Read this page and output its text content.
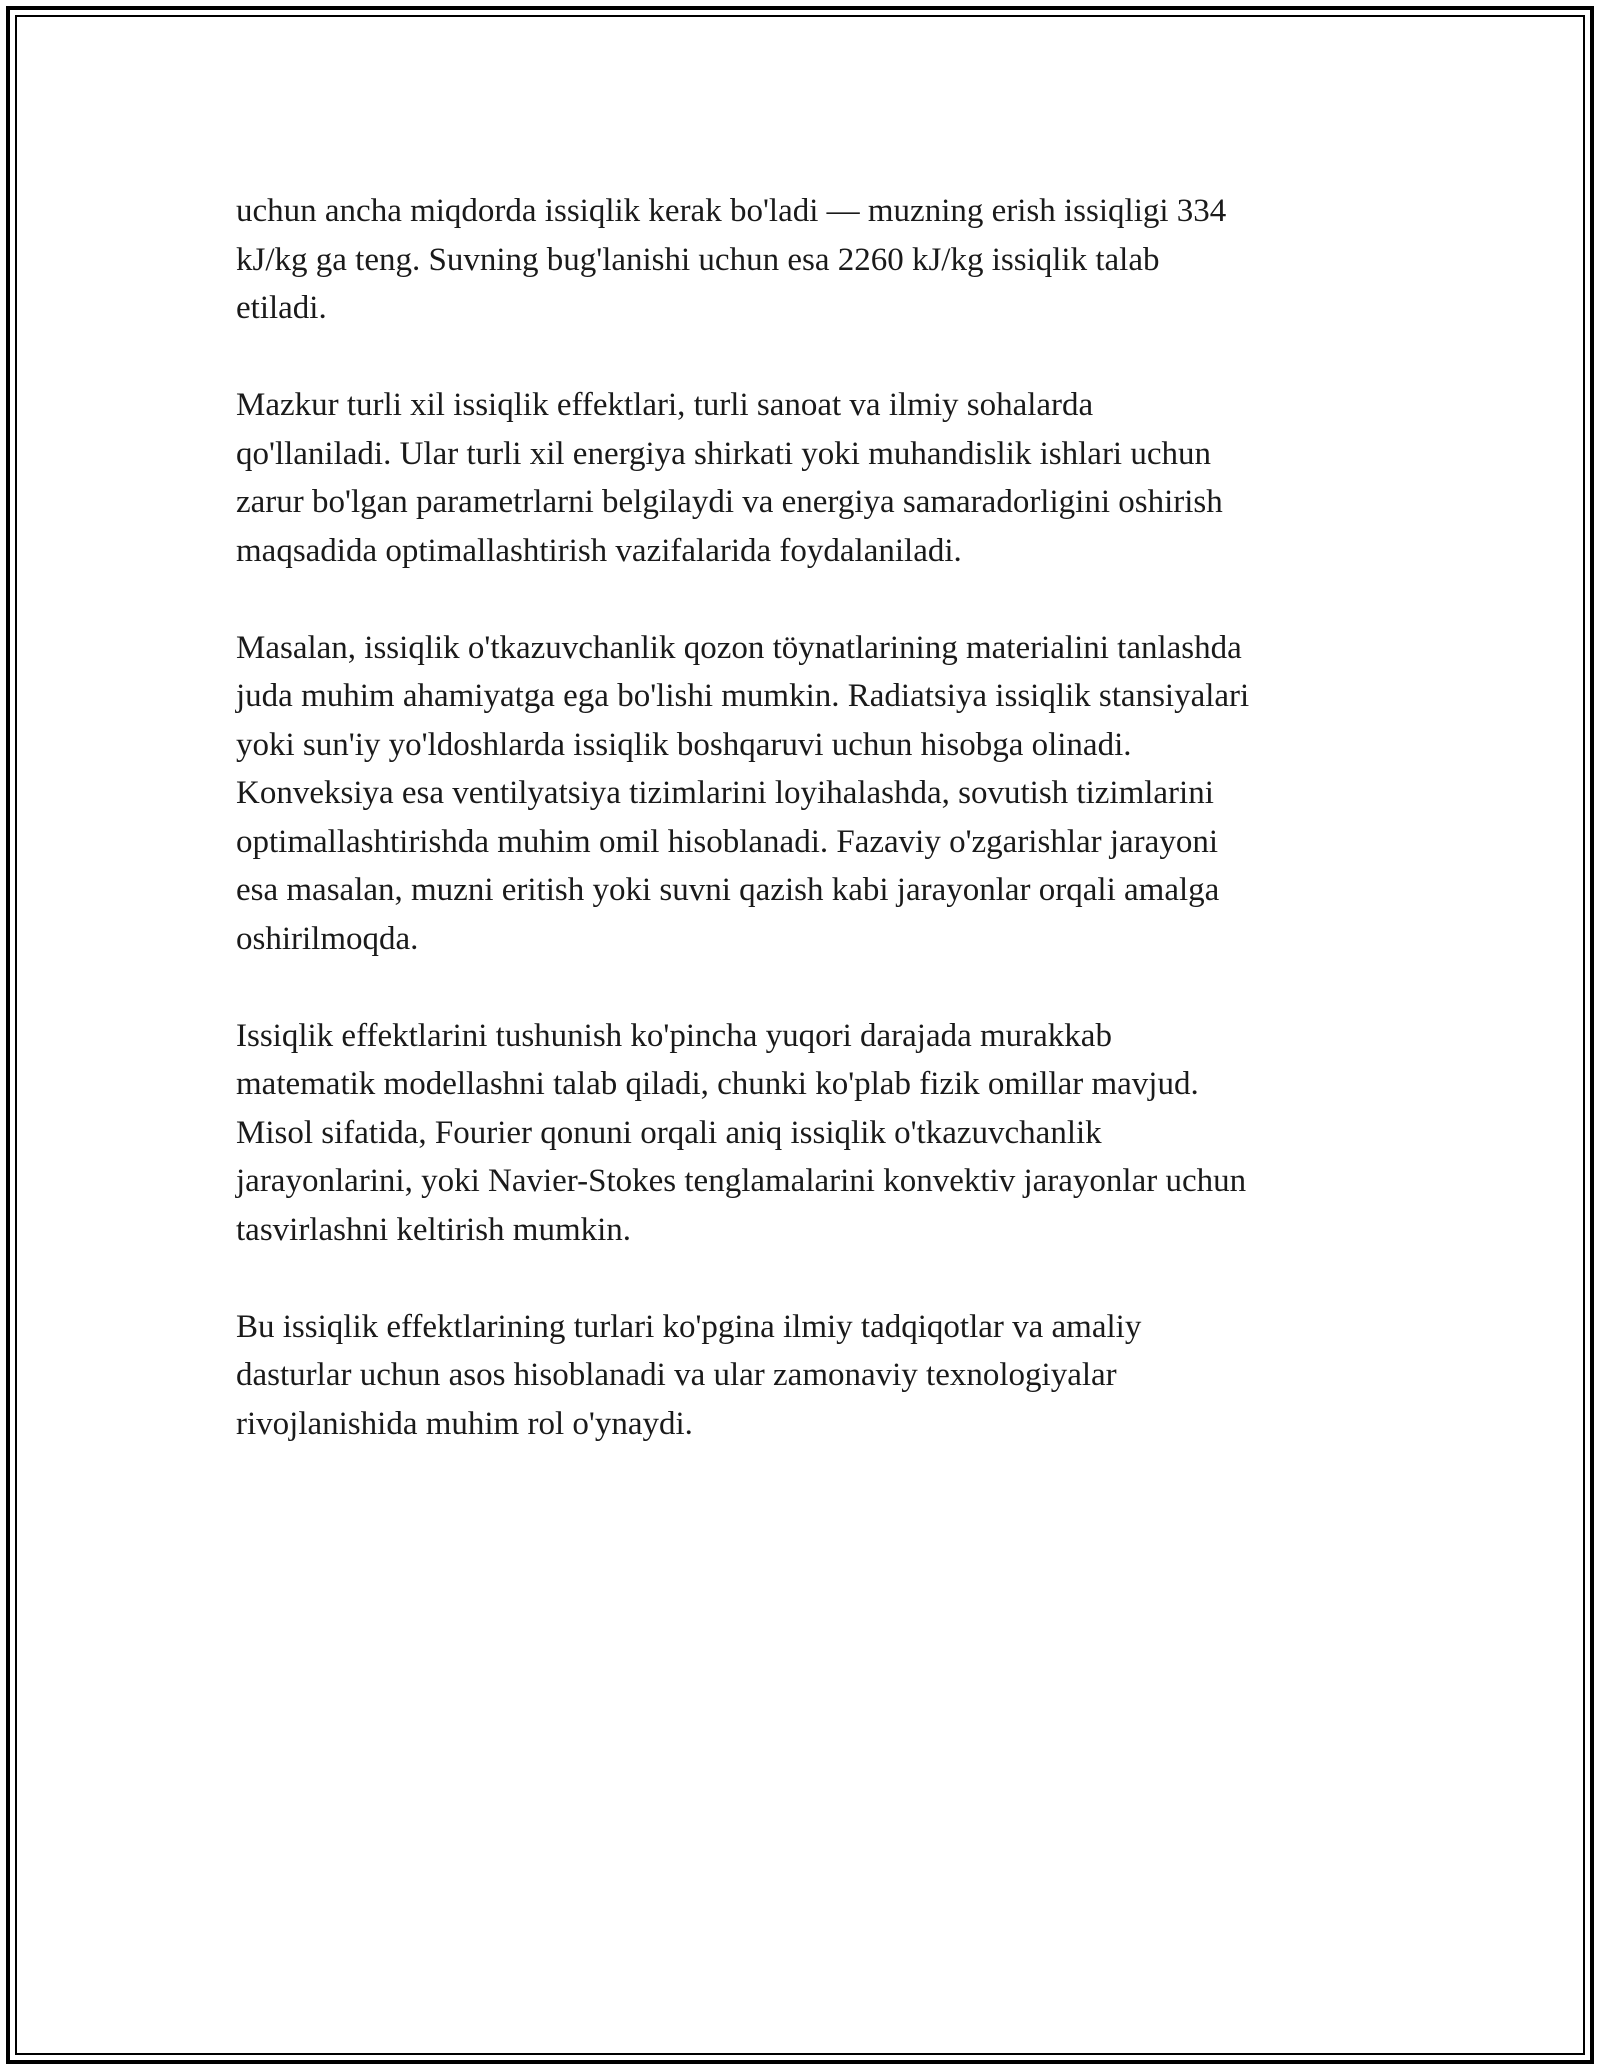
uchun ancha miqdorda issiqlik kerak bo'ladi — muzning erish issiqligi 334
kJ/kg ga teng. Suvning bug'lanishi uchun esa 2260 kJ/kg issiqlik talab
etiladi.

Mazkur turli xil issiqlik effektlari, turli sanoat va ilmiy sohalarda
qo'llaniladi. Ular turli xil energiya shirkati yoki muhandislik ishlari uchun
zarur bo'lgan parametrlarni belgilaydi va energiya samaradorligini oshirish
maqsadida optimallashtirish vazifalarida foydalaniladi.

Masalan, issiqlik o'tkazuvchanlik qozon töynatlarining materialini tanlashda
juda muhim ahamiyatga ega bo'lishi mumkin. Radiatsiya issiqlik stansiyalari
yoki sun'iy yo'ldoshlarda issiqlik boshqaruvi uchun hisobga olinadi.
Konveksiya esa ventilyatsiya tizimlarini loyihalashda, sovutish tizimlarini
optimallashtirishda muhim omil hisoblanadi. Fazaviy o'zgarishlar jarayoni
esa masalan, muzni eritish yoki suvni qazish kabi jarayonlar orqali amalga
oshirilmoqda.

Issiqlik effektlarini tushunish ko'pincha yuqori darajada murakkab
matematik modellashni talab qiladi, chunki ko'plab fizik omillar mavjud.
Misol sifatida, Fourier qonuni orqali aniq issiqlik o'tkazuvchanlik
jarayonlarini, yoki Navier-Stokes tenglamalarini konvektiv jarayonlar uchun
tasvirlashni keltirish mumkin.

Bu issiqlik effektlarining turlari ko'pgina ilmiy tadqiqotlar va amaliy
dasturlar uchun asos hisoblanadi va ular zamonaviy texnologiyalar
rivojlanishida muhim rol o'ynaydi.
